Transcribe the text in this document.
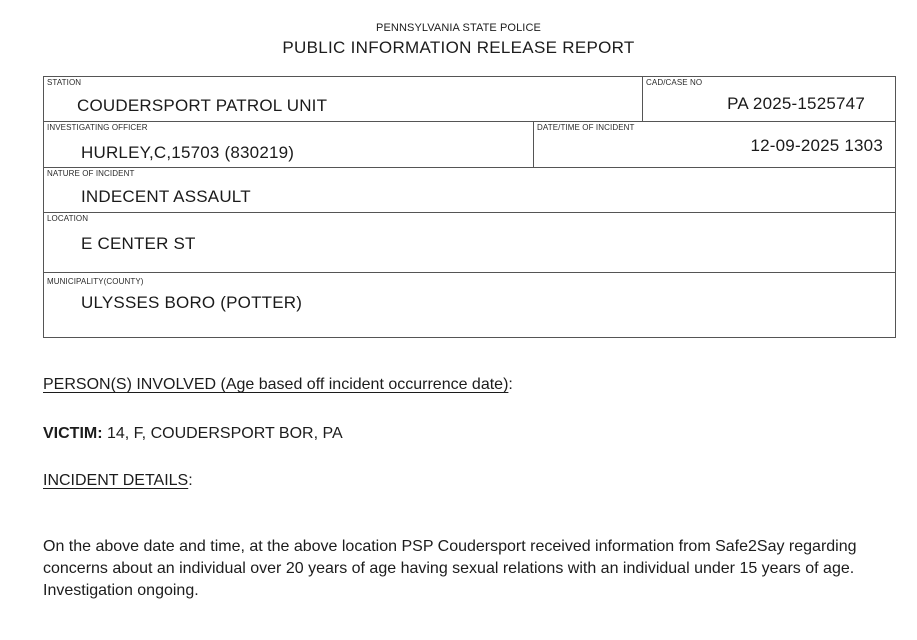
PENNSYLVANIA STATE POLICE
PUBLIC INFORMATION RELEASE REPORT
STATION
COUDERSPORT PATROL UNIT
CAD/CASE NO
PA 2025-1525747
INVESTIGATING OFFICER
HURLEY,C,15703 (830219)
DATE/TIME OF INCIDENT
12-09-2025 1303
NATURE OF INCIDENT
INDECENT ASSAULT
LOCATION
E CENTER ST
MUNICIPALITY(COUNTY)
ULYSSES BORO (POTTER)
PERSON(S) INVOLVED (Age based off incident occurrence date):
VICTIM: 14, F, COUDERSPORT BOR, PA
INCIDENT DETAILS:
On the above date and time, at the above location PSP Coudersport received information from Safe2Say regarding concerns about an individual over 20 years of age having sexual relations with an individual under 15 years of age. Investigation ongoing.
